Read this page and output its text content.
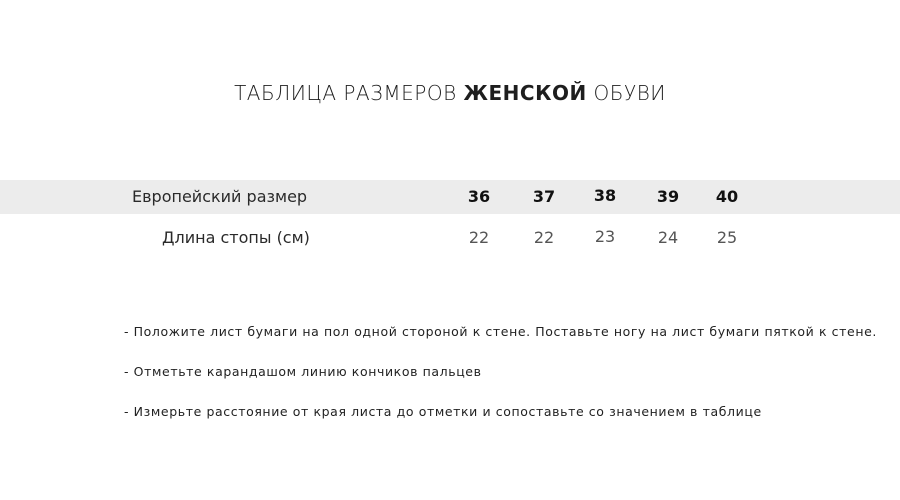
ТАБЛИЦА РАЗМЕРОВ ЖЕНСКОЙ ОБУВИ
Европейский размер	36	37	38	39	40
Длина стопы (см)	22	22	23	24	25
- Положите лист бумаги на пол одной стороной к стене. Поставьте ногу на лист бумаги пяткой к стене.
- Отметьте карандашом линию кончиков пальцев
- Измерьте расстояние от края листа до отметки и сопоставьте со значением в таблице
